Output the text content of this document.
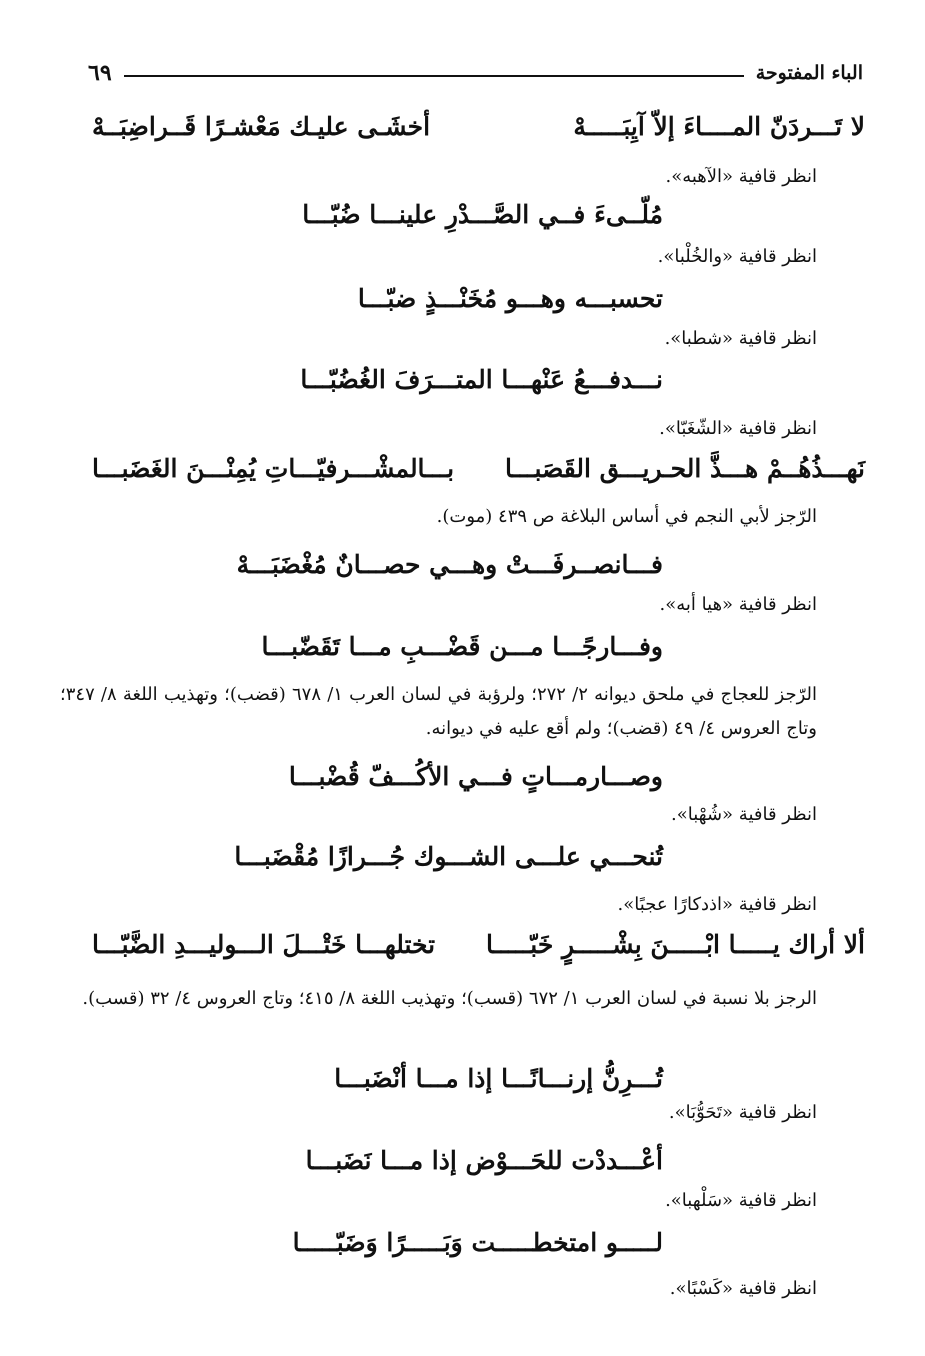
الباء المفتوحة
٦٩
لا تَـــردَنّ المــــاءَ إلاّ آيِبَـــــهْ
أخشَـى عليـك مَعْشـرًا قَــراضِبَــهْ
انظر قافية «الآهبه».
مُلّــىءَ فــي الصَّـــدْرِ علينـــا ضُبّـــا
انظر قافية «والخُلْبا».
تحسبـــه وهـــو مُخَنْـــذٍ ضبّـــا
انظر قافية «شطبا».
نـــدفـــعُ عَنْهـــا المتـــرَفَ الغُضُبّـــا
انظر قافية «الشّغَبّا».
نَهـــذُهُــمْ هـــذَّ الحـريـــق القَصَبـــا
بـــالمشْـــرفيّـــاتِ يُمِنْـــنَ الغَضَبـــا
الرّجز لأبي النجم في أساس البلاغة ص ٤٣٩ (موت).
فـــانصــرفَـــتْ وهـــي حصـــانٌ مُغْضَبَـــهْ
انظر قافية «هيا أبه».
وفـــارجًـــا مـــن قَضْـــبِ مـــا تَقَضّبـــا
الرّجز للعجاج في ملحق ديوانه ٢/ ٢٧٢؛ ولرؤبة في لسان العرب ١/ ٦٧٨ (قضب)؛ وتهذيب اللغة ٨/ ٣٤٧؛ وتاج العروس ٤/ ٤٩ (قضب)؛ ولم أقع عليه في ديوانه.
وصـــارمـــاتٍ فـــي الأكُـــفّ قُضْبـــا
انظر قافية «شُهْبا».
تُنحـــي علـــى الشـــوك جُـــرازًا مُقْضَبـــا
انظر قافية «اذدكارًا عجبًا».
ألا أراك يـــــا ابْـــــنَ بِشْـــــرٍ خَبّـــــا
تختلهـــا خَتْـــلَ الـــوليـــدِ الضَّبّـــا
الرجز بلا نسبة في لسان العرب ١/ ٦٧٢ (قسب)؛ وتهذيب اللغة ٨/ ٤١٥؛ وتاج العروس ٤/ ٣٢ (قسب).
تُـــرِنُّ إرنـــانًـــا إذا مـــا أنْضَبـــا
انظر قافية «تَحَوُّبَا».
أعْـــددْت للحَـــوْض إذا مـــا نَضَبـــا
انظر قافية «سَلْهبا».
لـــــو امتخطـــــت وَبَـــــرًا وَضَبّـــــا
انظر قافية «كَسْبًا».
